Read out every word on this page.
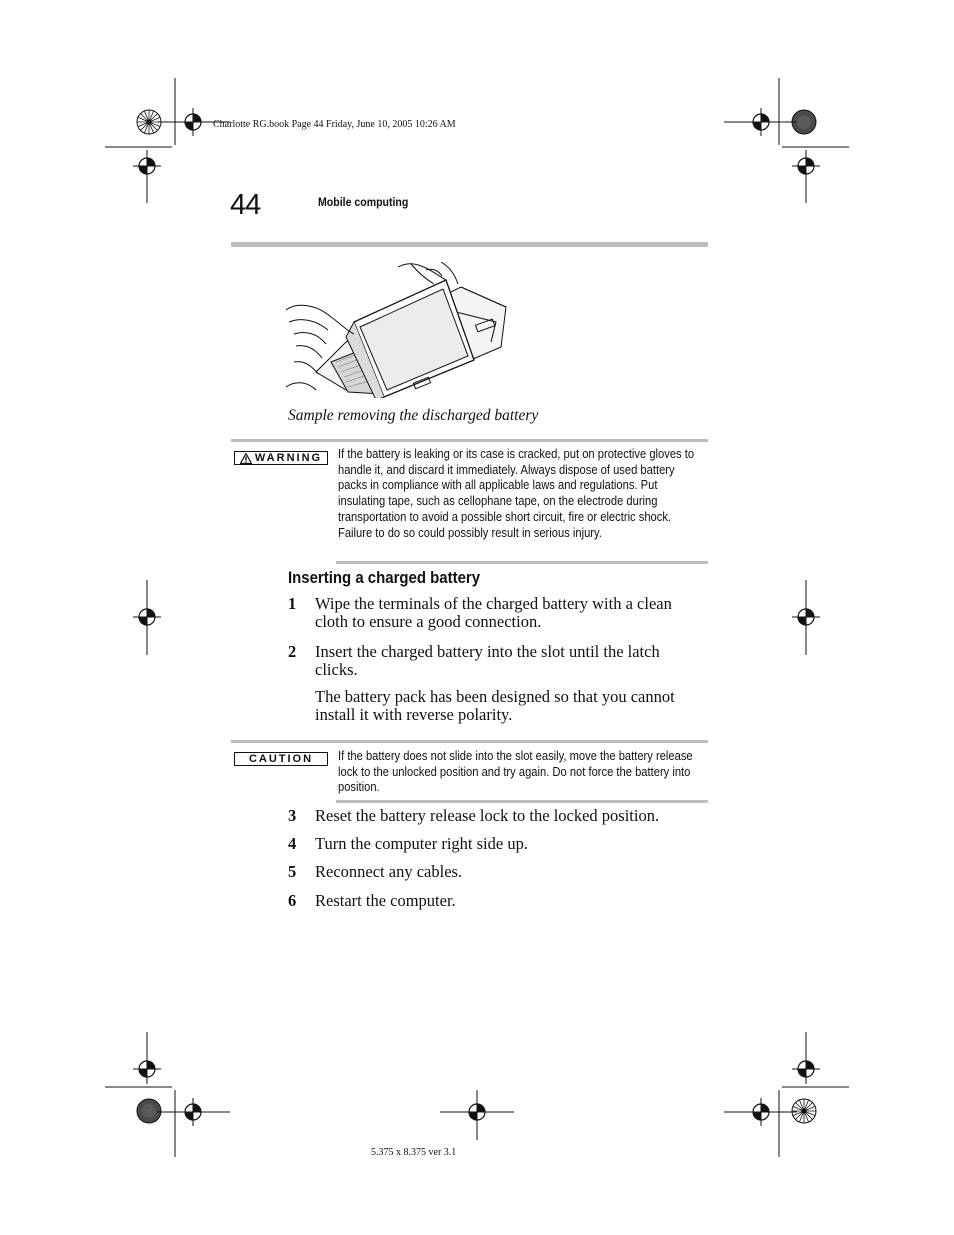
Charlotte RG.book Page 44 Friday, June 10, 2005 10:26 AM
44	Mobile computing
Sample removing the discharged battery
WARNING If the battery is leaking or its case is cracked, put on protective gloves to handle it, and discard it immediately. Always dispose of used battery packs in compliance with all applicable laws and regulations. Put insulating tape, such as cellophane tape, on the electrode during transportation to avoid a possible short circuit, fire or electric shock. Failure to do so could possibly result in serious injury.
Inserting a charged battery
1 Wipe the terminals of the charged battery with a clean cloth to ensure a good connection.
2 Insert the charged battery into the slot until the latch clicks.
The battery pack has been designed so that you cannot install it with reverse polarity.
CAUTION If the battery does not slide into the slot easily, move the battery release lock to the unlocked position and try again. Do not force the battery into position.
3 Reset the battery release lock to the locked position.
4 Turn the computer right side up.
5 Reconnect any cables.
6 Restart the computer.
5.375 x 8.375 ver 3.1
